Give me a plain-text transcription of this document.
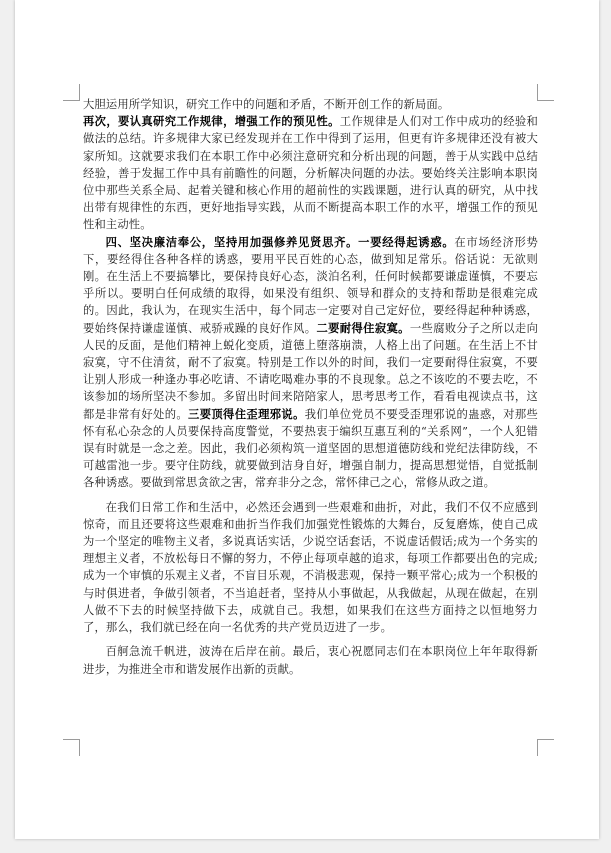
大胆运用所学知识，研究工作中的问题和矛盾，不断开创工作的新局面。

再次，要认真研究工作规律，增强工作的预见性。工作规律是人们对工作中成功的经验和做法的总结。许多规律大家已经发现并在工作中得到了运用，但更有许多规律还没有被大家所知。这就要求我们在本职工作中必须注意研究和分析出现的问题，善于从实践中总结经验，善于发掘工作中具有前瞻性的问题，分析解决问题的办法。要始终关注影响本职岗位中那些关系全局、起着关键和核心作用的超前性的实践课题，进行认真的研究，从中找出带有规律性的东西，更好地指导实践，从而不断提高本职工作的水平，增强工作的预见性和主动性。

四、坚决廉洁奉公，坚持用加强修养见贤思齐。一要经得起诱惑。在市场经济形势下，要经得住各种各样的诱惑，要用平民百姓的心态，做到知足常乐。俗话说：无欲则刚。在生活上不要搞攀比，要保持良好心态，淡泊名利，任何时候都要谦虚谨慎，不要忘乎所以。要明白任何成绩的取得，如果没有组织、领导和群众的支持和帮助是很难完成的。因此，我认为，在现实生活中，每个同志一定要对自己定好位，要经得起种种诱惑，要始终保持谦虚谨慎、戒骄戒躁的良好作风。二要耐得住寂寞。一些腐败分子之所以走向人民的反面，是他们精神上蜕化变质，道德上堕落崩溃，人格上出了问题。在生活上不甘寂寞，守不住清贫，耐不了寂寞。特别是工作以外的时间，我们一定要耐得住寂寞，不要让别人形成一种逢办事必吃请、不请吃喝难办事的不良现象。总之不该吃的不要去吃，不该参加的场所坚决不参加。多留出时间来陪陪家人，思考思考工作，看看电视读点书，这都是非常有好处的。三要顶得住歪理邪说。我们单位党员不要受歪理邪说的蛊惑，对那些怀有私心杂念的人员要保持高度警觉，不要热衷于编织互惠互利的“关系网”，一个人犯错误有时就是一念之差。因此，我们必须构筑一道坚固的思想道德防线和党纪法律防线，不可越雷池一步。要守住防线，就要做到洁身自好，增强自制力，提高思想觉悟，自觉抵制各种诱惑。要做到常思贪欲之害，常弃非分之念，常怀律己之心，常修从政之道。

在我们日常工作和生活中，必然还会遇到一些艰难和曲折，对此，我们不仅不应感到惊奇，而且还要将这些艰难和曲折当作我们加强党性锻炼的大舞台，反复磨炼，使自己成为一个坚定的唯物主义者，多说真话实话，少说空话套话，不说虚话假话;成为一个务实的理想主义者，不放松每日不懈的努力，不停止每项卓越的追求，每项工作都要出色的完成;成为一个审慎的乐观主义者，不盲目乐观，不消极悲观，保持一颗平常心;成为一个积极的与时俱进者，争做引领者，不当追赶者，坚持从小事做起，从我做起，从现在做起，在别人做不下去的时候坚持做下去，成就自己。我想，如果我们在这些方面持之以恒地努力了，那么，我们就已经在向一名优秀的共产党员迈进了一步。

百舸急流千帆进，波涛在后岸在前。最后，衷心祝愿同志们在本职岗位上年年取得新进步，为推进全市和谐发展作出新的贡献。
